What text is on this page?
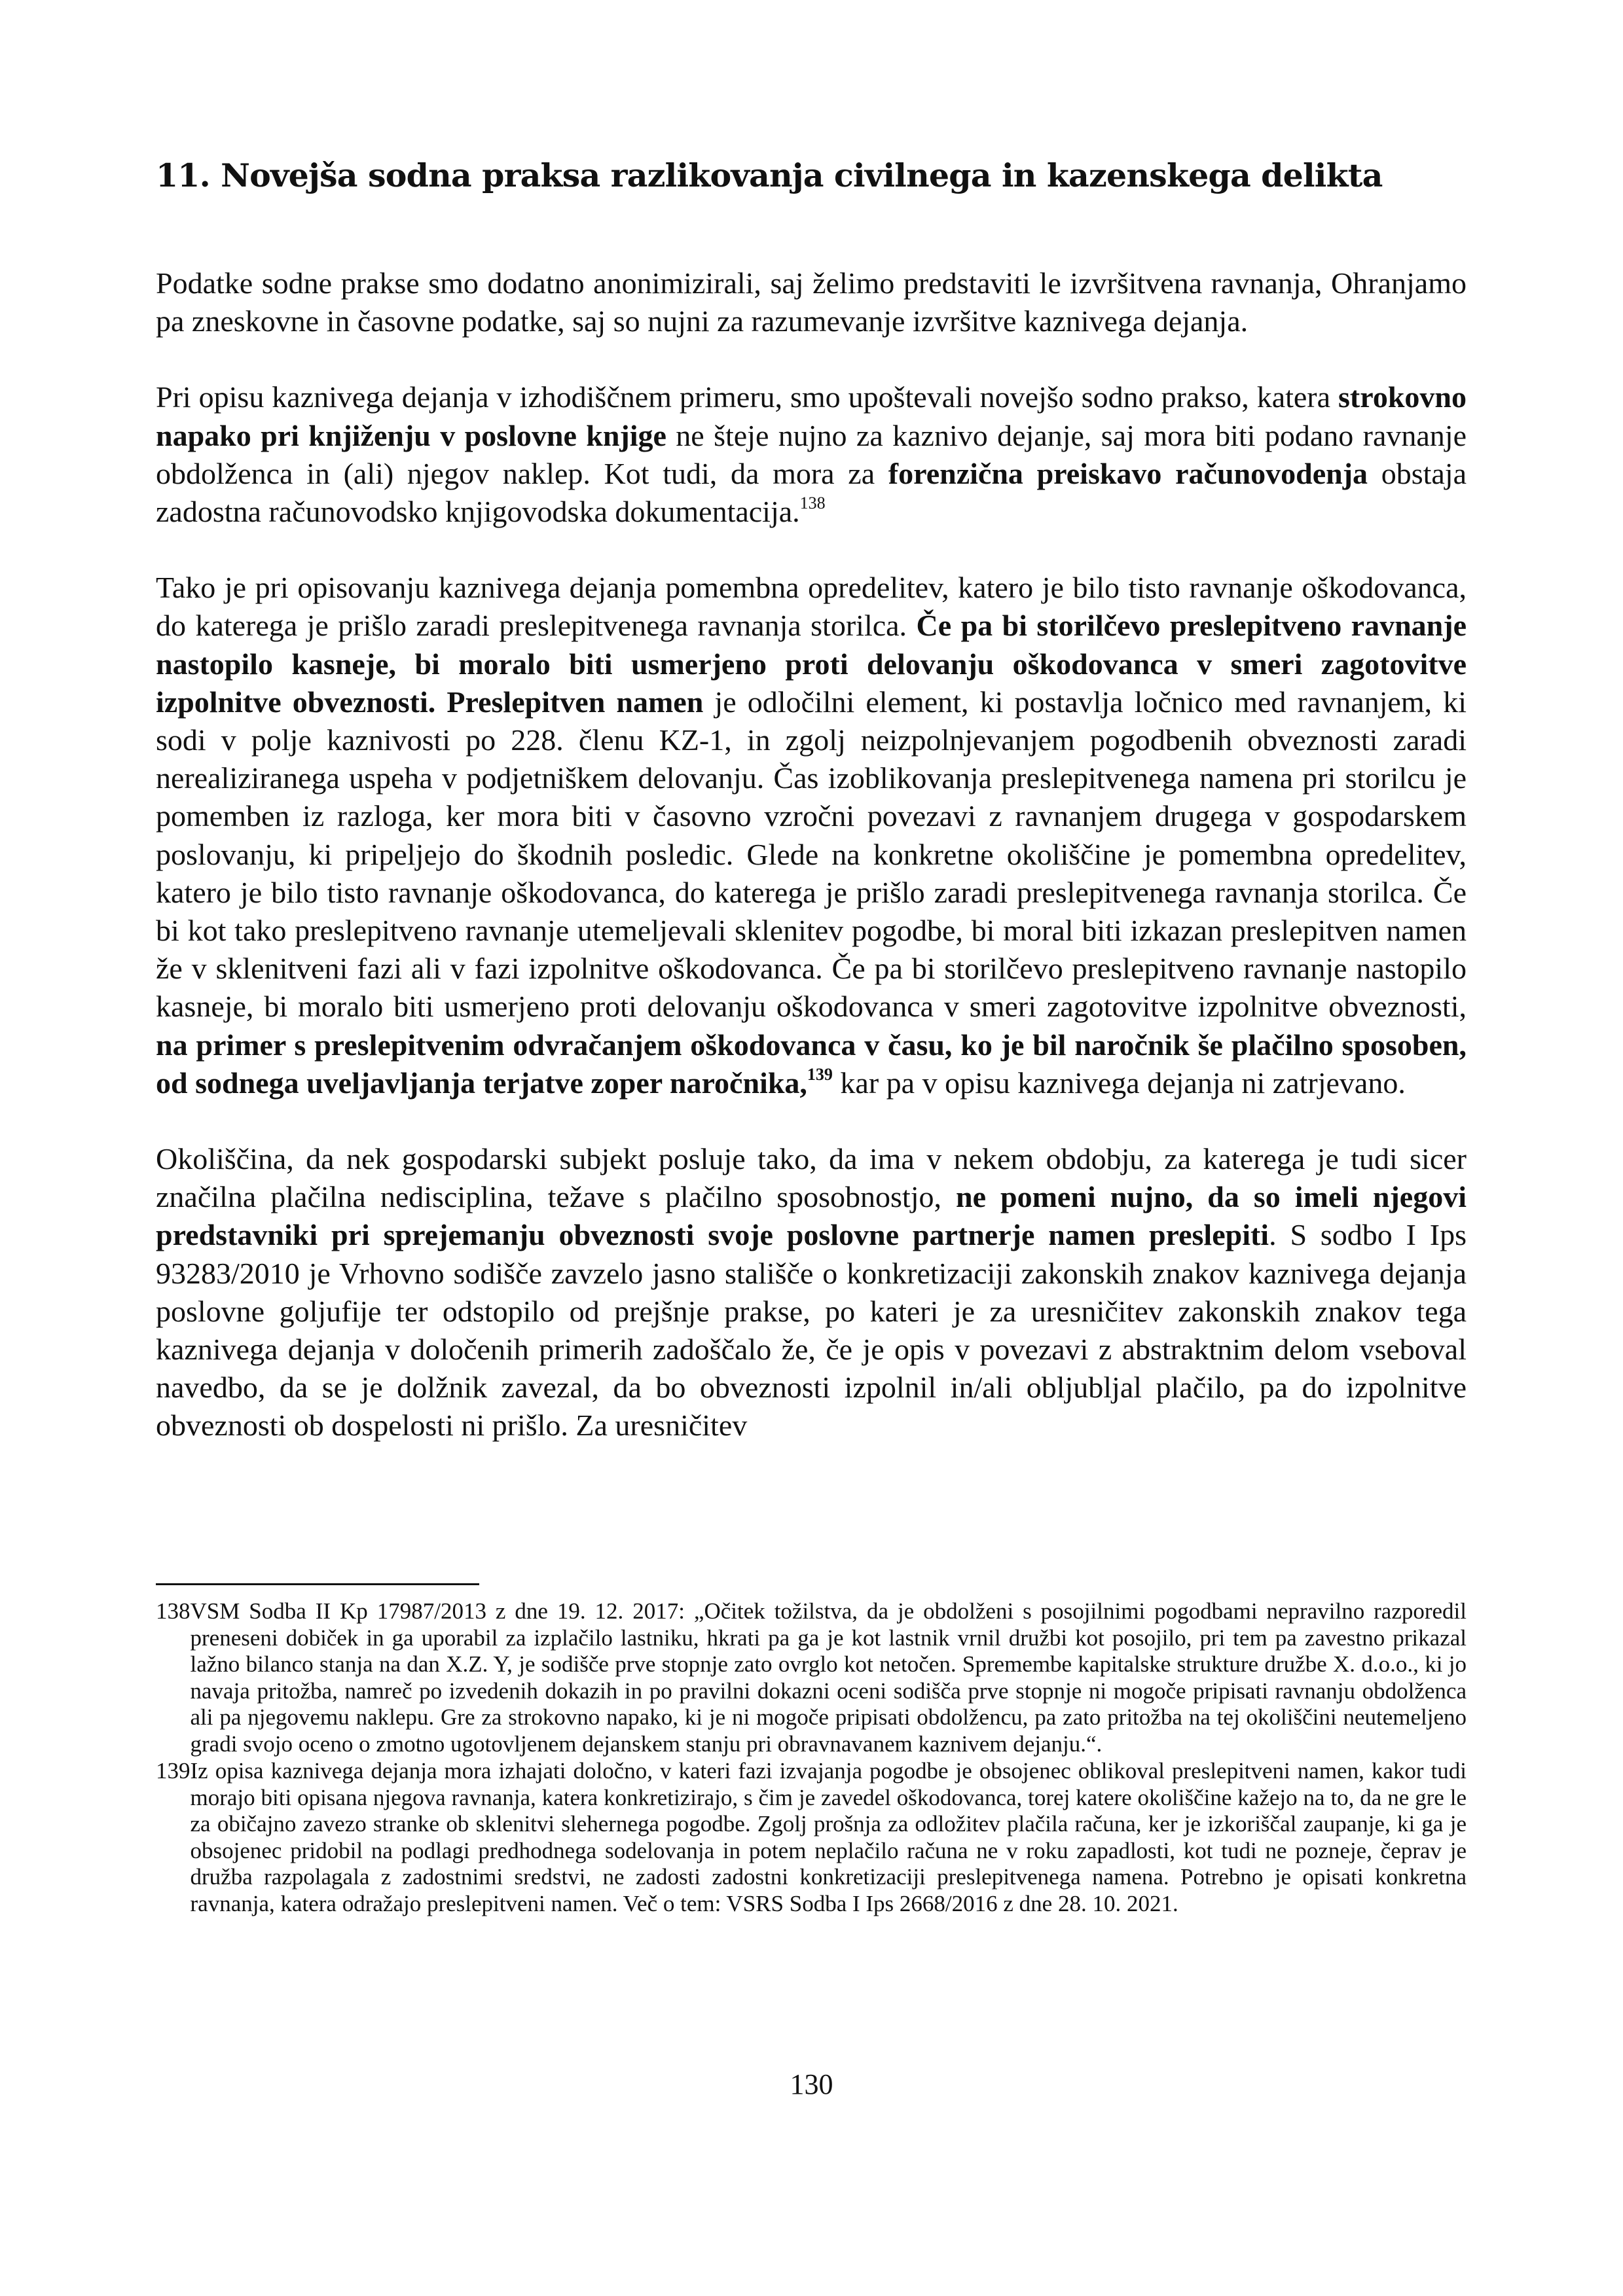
11. Novejša sodna praksa razlikovanja civilnega in kazenskega delikta

Podatke sodne prakse smo dodatno anonimizirali, saj želimo predstaviti le izvršitvena ravnanja, Ohranjamo pa zneskovne in časovne podatke, saj so nujni za razumevanje izvršitve kaznivega dejanja.

Pri opisu kaznivega dejanja v izhodiščnem primeru, smo upoštevali novejšo sodno prakso, katera strokovno napako pri knjiženju v poslovne knjige ne šteje nujno za kaznivo dejanje, saj mora biti podano ravnanje obdolženca in (ali) njegov naklep. Kot tudi, da mora za forenzična preiskavo računovodenja obstaja zadostna računovodsko knjigovodska dokumentacija.$^{138}$

Tako je pri opisovanju kaznivega dejanja pomembna opredelitev, katero je bilo tisto ravnanje oškodovanca, do katerega je prišlo zaradi preslepitvenega ravnanja storilca. Če pa bi storilčevo preslepitveno ravnanje nastopilo kasneje, bi moralo biti usmerjeno proti delovanju oškodovanca v smeri zagotovitve izpolnitve obveznosti. Preslepitven namen je odločilni element, ki postavlja ločnico med ravnanjem, ki sodi v polje kaznivosti po 228. členu KZ-1, in zgolj neizpolnjevanjem pogodbenih obveznosti zaradi nerealiziranega uspeha v podjetniškem delovanju. Čas izoblikovanja preslepitvenega namena pri storilcu je pomemben iz razloga, ker mora biti v časovno vzročni povezavi z ravnanjem drugega v gospodarskem poslovanju, ki pripeljejo do škodnih posledic. Glede na konkretne okoliščine je pomembna opredelitev, katero je bilo tisto ravnanje oškodovanca, do katerega je prišlo zaradi preslepitvenega ravnanja storilca. Če bi kot tako preslepitveno ravnanje utemeljevali sklenitev pogodbe, bi moral biti izkazan preslepitven namen že v sklenitveni fazi ali v fazi izpolnitve oškodovanca. Če pa bi storilčevo preslepitveno ravnanje nastopilo kasneje, bi moralo biti usmerjeno proti delovanju oškodovanca v smeri zagotovitve izpolnitve obveznosti, na primer s preslepitvenim odvračanjem oškodovanca v času, ko je bil naročnik še plačilno sposoben, od sodnega uveljavljanja terjatve zoper naročnika,$^{139}$ kar pa v opisu kaznivega dejanja ni zatrjevano.

Okoliščina, da nek gospodarski subjekt posluje tako, da ima v nekem obdobju, za katerega je tudi sicer značilna plačilna nedisciplina, težave s plačilno sposobnostjo, ne pomeni nujno, da so imeli njegovi predstavniki pri sprejemanju obveznosti svoje poslovne partnerje namen preslepiti. S sodbo I Ips 93283/2010 je Vrhovno sodišče zavzelo jasno stališče o konkretizaciji zakonskih znakov kaznivega dejanja poslovne goljufije ter odstopilo od prejšnje prakse, po kateri je za uresničitev zakonskih znakov tega kaznivega dejanja v določenih primerih zadoščalo že, če je opis v povezavi z abstraktnim delom vseboval navedbo, da se je dolžnik zavezal, da bo obveznosti izpolnil in/ali obljubljal plačilo, pa do izpolnitve obveznosti ob dospelosti ni prišlo. Za uresničitev

138 VSM Sodba II Kp 17987/2013 z dne 19. 12. 2017: „Očitek tožilstva, da je obdolženi s posojilnimi pogodbami nepravilno razporedil preneseni dobiček in ga uporabil za izplačilo lastniku, hkrati pa ga je kot lastnik vrnil družbi kot posojilo, pri tem pa zavestno prikazal lažno bilanco stanja na dan X.Z. Y, je sodišče prve stopnje zato ovrglo kot netočen. Spremembe kapitalske strukture družbe X. d.o.o., ki jo navaja pritožba, namreč po izvedenih dokazih in po pravilni dokazni oceni sodišča prve stopnje ni mogoče pripisati ravnanju obdolženca ali pa njegovemu naklepu. Gre za strokovno napako, ki je ni mogoče pripisati obdolžencu, pa zato pritožba na tej okoliščini neutemeljeno gradi svojo oceno o zmotno ugotovljenem dejanskem stanju pri obravnavanem kaznivem dejanju.“.
139 Iz opisa kaznivega dejanja mora izhajati določno, v kateri fazi izvajanja pogodbe je obsojenec oblikoval preslepitveni namen, kakor tudi morajo biti opisana njegova ravnanja, katera konkretizirajo, s čim je zavedel oškodovanca, torej katere okoliščine kažejo na to, da ne gre le za običajno zavezo stranke ob sklenitvi slehernega pogodbe. Zgolj prošnja za odložitev plačila računa, ker je izkoriščal zaupanje, ki ga je obsojenec pridobil na podlagi predhodnega sodelovanja in potem neplačilo računa ne v roku zapadlosti, kot tudi ne pozneje, čeprav je družba razpolagala z zadostnimi sredstvi, ne zadosti zadostni konkretizaciji preslepitvenega namena. Potrebno je opisati konkretna ravnanja, katera odražajo preslepitveni namen. Več o tem: VSRS Sodba I Ips 2668/2016 z dne 28. 10. 2021.
130
